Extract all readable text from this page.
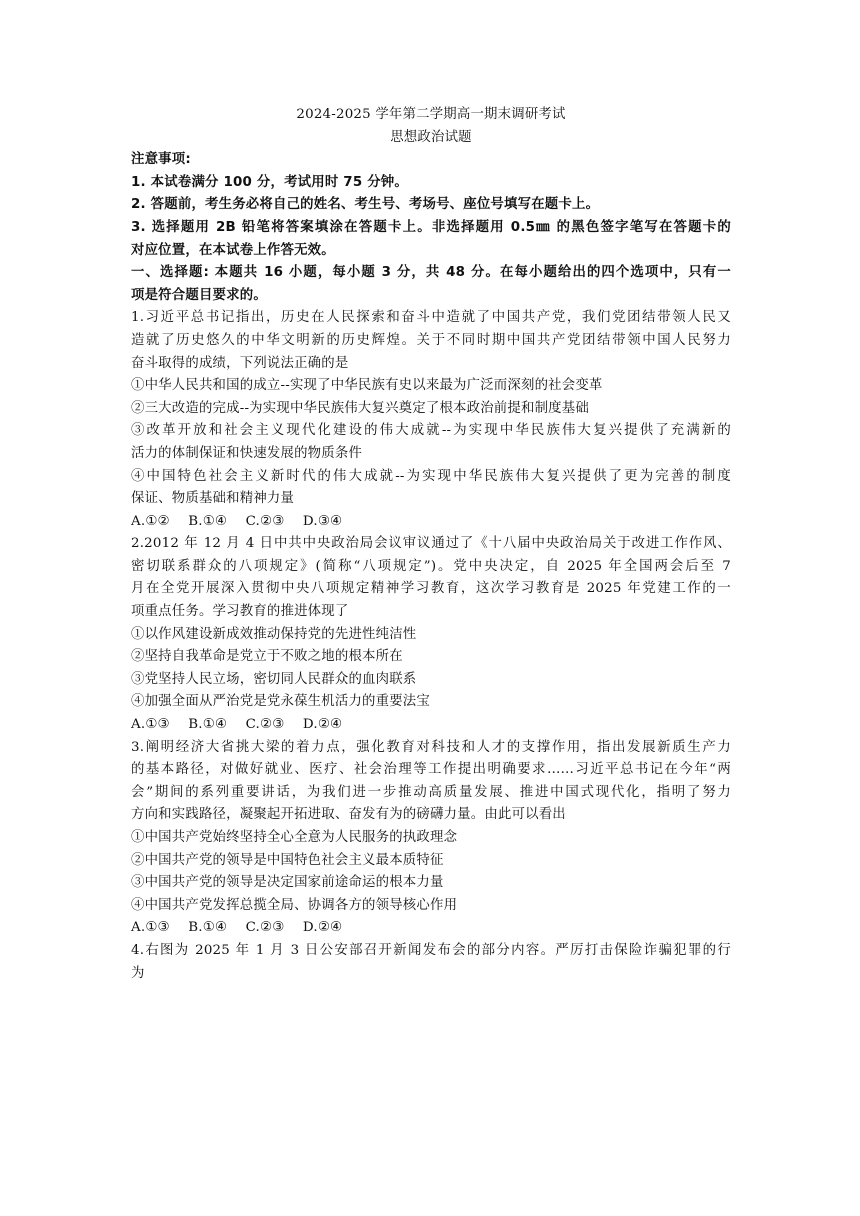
2024-2025 学年第二学期高一期末调研考试
思想政治试题
注意事项:
1. 本试卷满分 100 分，考试用时 75 分钟。
2. 答题前，考生务必将自己的姓名、考生号、考场号、座位号填写在题卡上。
3. 选择题用 2B 铅笔将答案填涂在答题卡上。非选择题用 0.5㎜ 的黑色签字笔写在答题卡的
对应位置，在本试卷上作答无效。
一、选择题: 本题共 16 小题，每小题 3 分，共 48 分。在每小题给出的四个选项中，只有一
项是符合题目要求的。
1.习近平总书记指出，历史在人民探索和奋斗中造就了中国共产党，我们党团结带领人民又
造就了历史悠久的中华文明新的历史辉煌。关于不同时期中国共产党团结带领中国人民努力
奋斗取得的成绩，下列说法正确的是
①中华人民共和国的成立--实现了中华民族有史以来最为广泛而深刻的社会变革
②三大改造的完成--为实现中华民族伟大复兴奠定了根本政治前提和制度基础
③改革开放和社会主义现代化建设的伟大成就--为实现中华民族伟大复兴提供了充满新的
活力的体制保证和快速发展的物质条件
④中国特色社会主义新时代的伟大成就--为实现中华民族伟大复兴提供了更为完善的制度
保证、物质基础和精神力量
A.①② B.①④ C.②③ D.③④
2.2012 年 12 月 4 日中共中央政治局会议审议通过了《十八届中央政治局关于改进工作作风、
密切联系群众的八项规定》(简称“八项规定”)。党中央决定，自 2025 年全国两会后至 7
月在全党开展深入贯彻中央八项规定精神学习教育，这次学习教育是 2025 年党建工作的一
项重点任务。学习教育的推进体现了
①以作风建设新成效推动保持党的先进性纯洁性
②坚持自我革命是党立于不败之地的根本所在
③党坚持人民立场，密切同人民群众的血肉联系
④加强全面从严治党是党永葆生机活力的重要法宝
A.①③ B.①④ C.②③ D.②④
3.阐明经济大省挑大梁的着力点，强化教育对科技和人才的支撑作用，指出发展新质生产力
的基本路径，对做好就业、医疗、社会治理等工作提出明确要求……习近平总书记在今年“两
会”期间的系列重要讲话，为我们进一步推动高质量发展、推进中国式现代化，指明了努力
方向和实践路径，凝聚起开拓进取、奋发有为的磅礴力量。由此可以看出
①中国共产党始终坚持全心全意为人民服务的执政理念
②中国共产党的领导是中国特色社会主义最本质特征
③中国共产党的领导是决定国家前途命运的根本力量
④中国共产党发挥总揽全局、协调各方的领导核心作用
A.①③ B.①④ C.②③ D.②④
4.右图为 2025 年 1 月 3 日公安部召开新闻发布会的部分内容。严厉打击保险诈骗犯罪的行
为
